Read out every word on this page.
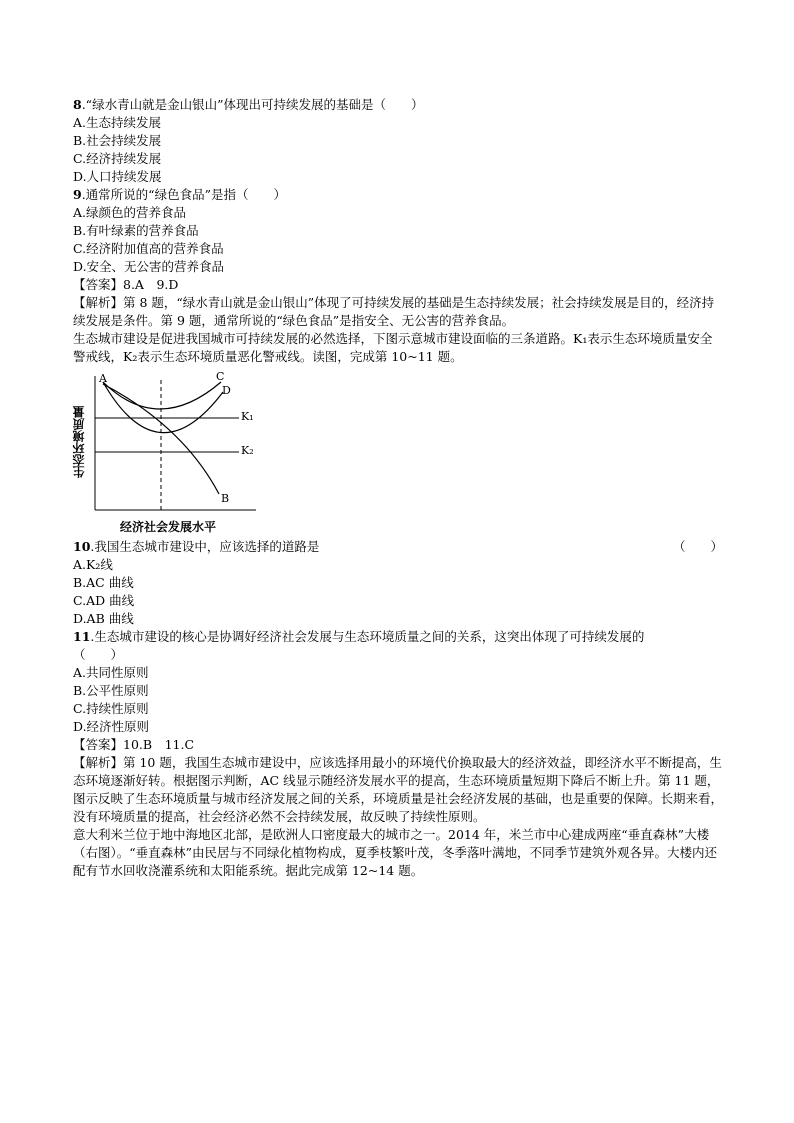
8.“绿水青山就是金山银山”体现出可持续发展的基础是（　　）
A.生态持续发展
B.社会持续发展
C.经济持续发展
D.人口持续发展
9.通常所说的“绿色食品”是指（　　）
A.绿颜色的营养食品
B.有叶绿素的营养食品
C.经济附加值高的营养食品
D.安全、无公害的营养食品
【答案】8.A　9.D
【解析】第 8 题，“绿水青山就是金山银山”体现了可持续发展的基础是生态持续发展；社会持续发展是目的，经济持续发展是条件。第 9 题，通常所说的“绿色食品”是指安全、无公害的营养食品。
生态城市建设是促进我国城市可持续发展的必然选择，下图示意城市建设面临的三条道路。K₁表示生态环境质量安全警戒线，K₂表示生态环境质量恶化警戒线。读图，完成第 10~11 题。
生态环境质量
A	C
D
K₁
K₂
B
经济社会发展水平
10.我国生态城市建设中，应该选择的道路是	（　　）
A.K₂线
B.AC 曲线
C.AD 曲线
D.AB 曲线
11.生态城市建设的核心是协调好经济社会发展与生态环境质量之间的关系，这突出体现了可持续发展的
（　　）
A.共同性原则
B.公平性原则
C.持续性原则
D.经济性原则
【答案】10.B　11.C
【解析】第 10 题，我国生态城市建设中，应该选择用最小的环境代价换取最大的经济效益，即经济水平不断提高，生态环境逐渐好转。根据图示判断，AC 线显示随经济发展水平的提高，生态环境质量短期下降后不断上升。第 11 题，图示反映了生态环境质量与城市经济发展之间的关系，环境质量是社会经济发展的基础，也是重要的保障。长期来看，没有环境质量的提高，社会经济必然不会持续发展，故反映了持续性原则。
意大利米兰位于地中海地区北部，是欧洲人口密度最大的城市之一。2014 年，米兰市中心建成两座“垂直森林”大楼（右图）。“垂直森林”由民居与不同绿化植物构成，夏季枝繁叶茂，冬季落叶满地，不同季节建筑外观各异。大楼内还配有节水回收浇灌系统和太阳能系统。据此完成第 12~14 题。
